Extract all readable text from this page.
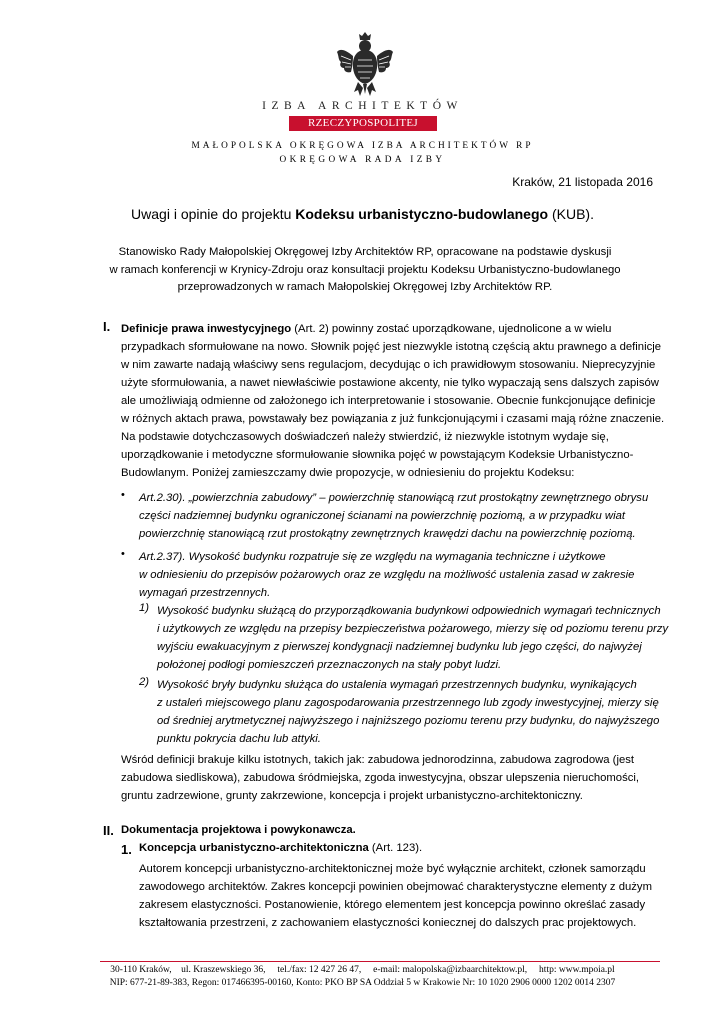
IZBA ARCHITEKTÓW
RZECZYPOSPOLITEJ POLSKIEJ
MAŁOPOLSKA OKRĘGOWA IZBA ARCHITEKTÓW RP
OKRĘGOWA RADA IZBY
Kraków, 21 listopada 2016
Uwagi i opinie do projektu Kodeksu urbanistyczno-budowlanego (KUB).
Stanowisko Rady Małopolskiej Okręgowej Izby Architektów RP, opracowane na podstawie dyskusji
w ramach konferencji w Krynicy-Zdroju oraz konsultacji projektu Kodeksu Urbanistyczno-budowlanego
przeprowadzonych w ramach Małopolskiej Okręgowej Izby Architektów RP.
I. Definicje prawa inwestycyjnego (Art. 2) powinny zostać uporządkowane, ujednolicone a w wielu
przypadkach sformułowane na nowo. Słownik pojęć jest niezwykle istotną częścią aktu prawnego a definicje
w nim zawarte nadają właściwy sens regulacjom, decydując o ich prawidłowym stosowaniu. Nieprecyzyjnie
użyte sformułowania, a nawet niewłaściwie postawione akcenty, nie tylko wypaczają sens dalszych zapisów
ale umożliwiają odmienne od założonego ich interpretowanie i stosowanie. Obecnie funkcjonujące definicje
w różnych aktach prawa, powstawały bez powiązania z już funkcjonującymi i czasami mają różne znaczenie.
Na podstawie dotychczasowych doświadczeń należy stwierdzić, iż niezwykle istotnym wydaje się,
uporządkowanie i metodyczne sformułowanie słownika pojęć w powstającym Kodeksie Urbanistyczno-
Budowlanym. Poniżej zamieszczamy dwie propozycje, w odniesieniu do projektu Kodeksu:
• Art.2.30). „powierzchnia zabudowy” – powierzchnię stanowiącą rzut prostokątny zewnętrznego obrysu
części nadziemnej budynku ograniczonej ścianami na powierzchnię poziomą, a w przypadku wiat
powierzchnię stanowiącą rzut prostokątny zewnętrznych krawędzi dachu na powierzchnię poziomą.
• Art.2.37). Wysokość budynku rozpatruje się ze względu na wymagania techniczne i użytkowe
w odniesieniu do przepisów pożarowych oraz ze względu na możliwość ustalenia zasad w zakresie
wymagań przestrzennych.
1) Wysokość budynku służącą do przyporządkowania budynkowi odpowiednich wymagań technicznych
i użytkowych ze względu na przepisy bezpieczeństwa pożarowego, mierzy się od poziomu terenu przy
wyjściu ewakuacyjnym z pierwszej kondygnacji nadziemnej budynku lub jego części, do najwyżej
położonej podłogi pomieszczeń przeznaczonych na stały pobyt ludzi.
2) Wysokość bryły budynku służąca do ustalenia wymagań przestrzennych budynku, wynikających
z ustaleń miejscowego planu zagospodarowania przestrzennego lub zgody inwestycyjnej, mierzy się
od średniej arytmetycznej najwyższego i najniższego poziomu terenu przy budynku, do najwyższego
punktu pokrycia dachu lub attyki.
Wśród definicji brakuje kilku istotnych, takich jak: zabudowa jednorodzinna, zabudowa zagrodowa (jest
zabudowa siedliskowa), zabudowa śródmiejska, zgoda inwestycyjna, obszar ulepszenia nieruchomości,
gruntu zadrzewione, grunty zakrzewione, koncepcja i projekt urbanistyczno-architektoniczny.
II. Dokumentacja projektowa i powykonawcza.
1. Koncepcja urbanistyczno-architektoniczna (Art. 123).
Autorem koncepcji urbanistyczno-architektonicznej może być wyłącznie architekt, członek samorządu
zawodowego architektów. Zakres koncepcji powinien obejmować charakterystyczne elementy z dużym
zakresem elastyczności. Postanowienie, którego elementem jest koncepcja powinno określać zasady
kształtowania przestrzeni, z zachowaniem elastyczności koniecznej do dalszych prac projektowych.
30-110 Kraków,    ul. Kraszewskiego 36,     tel./fax: 12 427 26 47,     e-mail: malopolska@izbaarchitektow.pl,     http: www.mpoia.pl
NIP: 677-21-89-383, Regon: 017466395-00160, Konto: PKO BP SA Oddział 5 w Krakowie Nr: 10 1020 2906 0000 1202 0014 2307
